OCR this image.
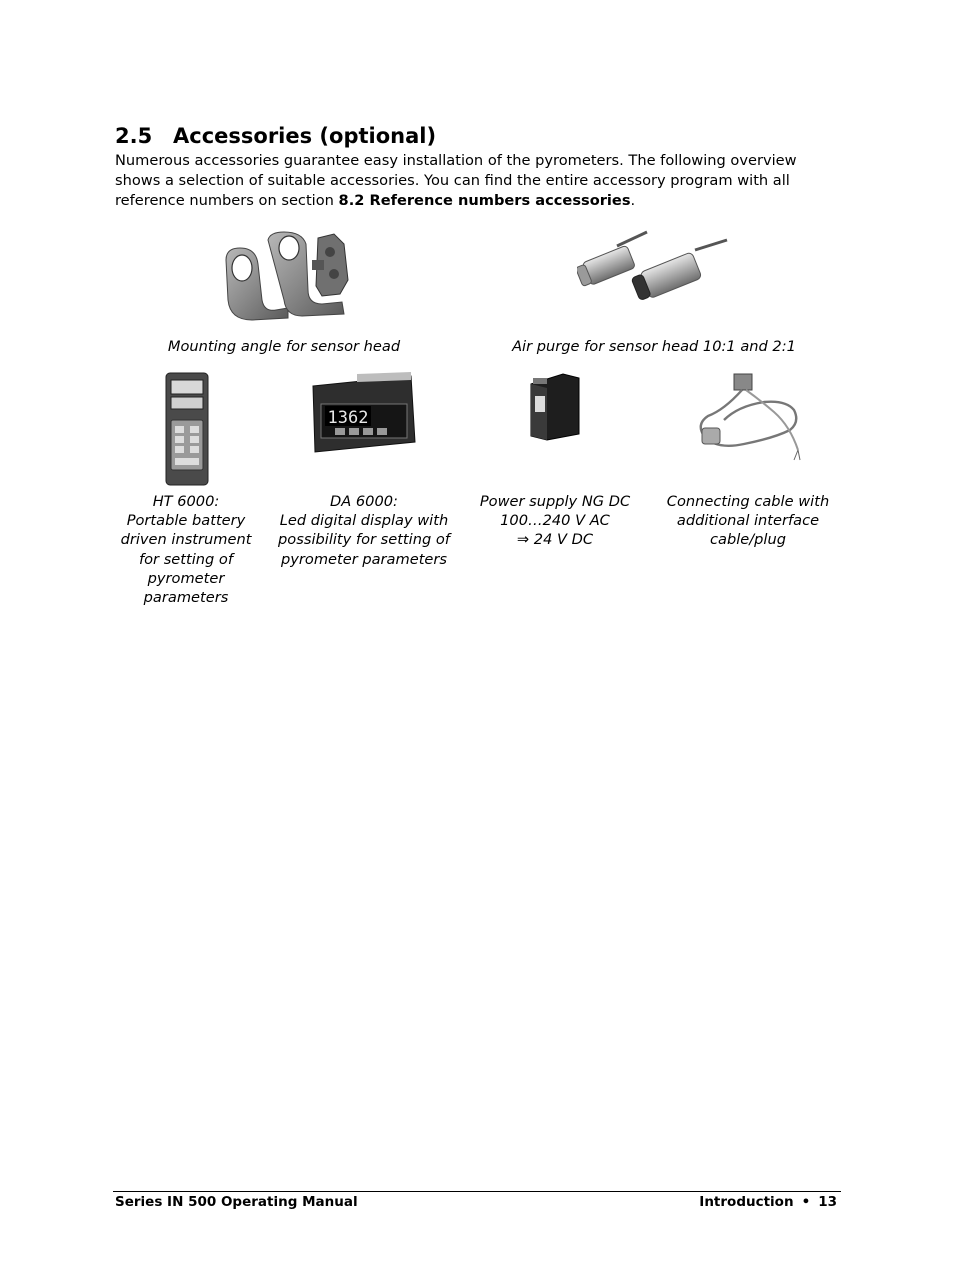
2.5 Accessories (optional)

Numerous accessories guarantee easy installation of the pyrometers. The following overview
shows a selection of suitable accessories. You can find the entire accessory program with all
reference numbers on section 8.2 Reference numbers accessories.

Mounting angle for sensor head	Air purge for sensor head 10:1 and 2:1
1362
HT 6000:
Portable battery
driven instrument
for setting of
pyrometer
parameters
DA 6000:
Led digital display with
possibility for setting of
pyrometer parameters
Power supply NG DC
100…240 V AC
⇒ 24 V DC
Connecting cable with
additional interface
cable/plug
Series IN 500 Operating Manual	Introduction • 13
